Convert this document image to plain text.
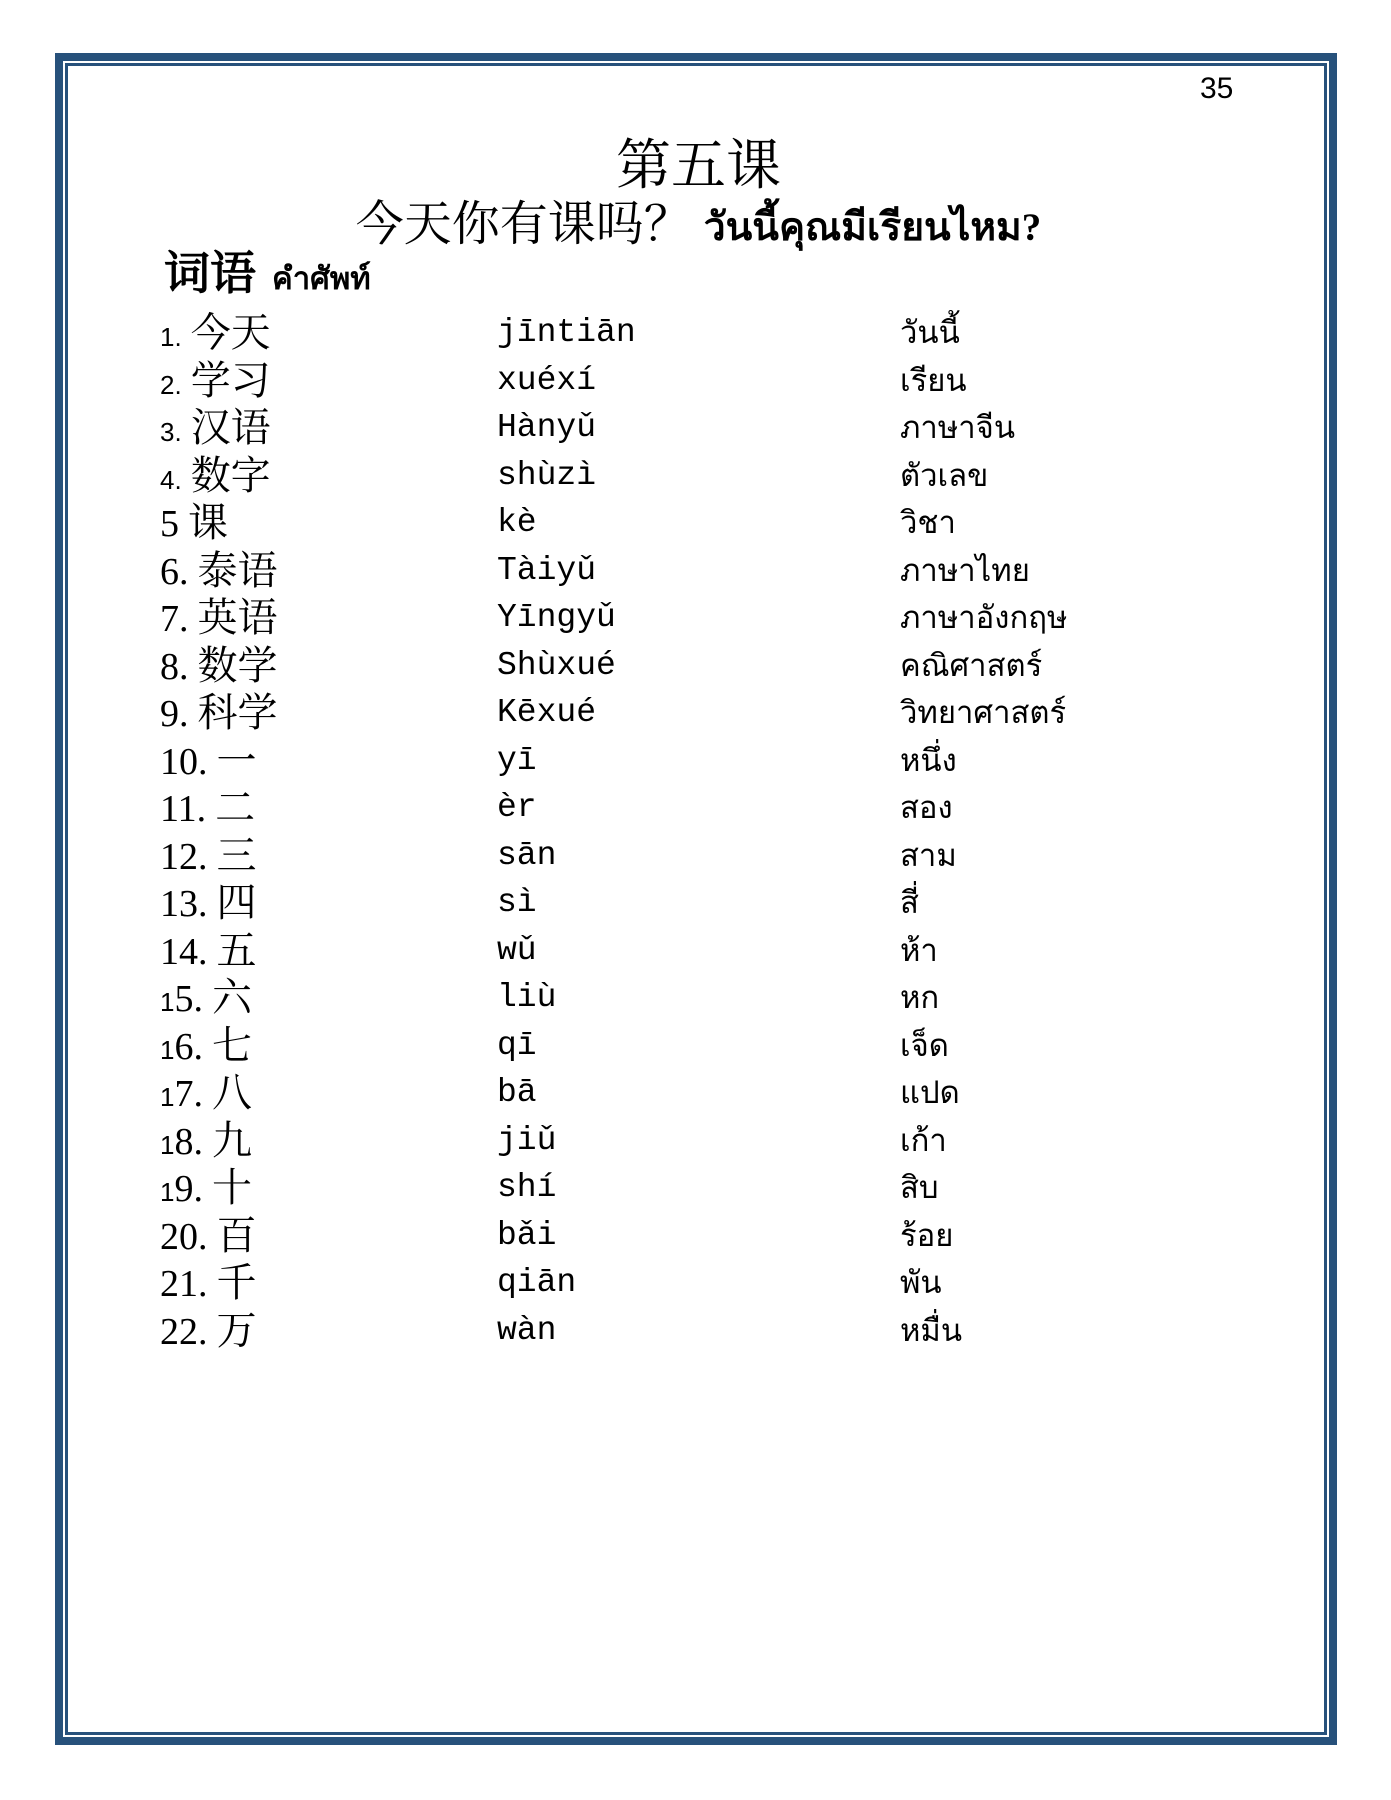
35
第五课
今天你有课吗？ วันนี้คุณมีเรียนไหม?
词语 คำศัพท์
1. 今天	jīntiān	วันนี้
2. 学习	xuéxí	เรียน
3. 汉语	Hànyǔ	ภาษาจีน
4. 数字	shùzì	ตัวเลข
5 课	kè	วิชา
6. 泰语	Tàiyǔ	ภาษาไทย
7. 英语	Yīngyǔ	ภาษาอังกฤษ
8. 数学	Shùxué	คณิศาสตร์
9. 科学	Kēxué	วิทยาศาสตร์
10. 一	yī	หนึ่ง
11. 二	èr	สอง
12. 三	sān	สาม
13. 四	sì	สี่
14. 五	wǔ	ห้า
15. 六	liù	หก
16. 七	qī	เจ็ด
17. 八	bā	แปด
18. 九	jiǔ	เก้า
19. 十	shí	สิบ
20. 百	bǎi	ร้อย
21. 千	qiān	พัน
22. 万	wàn	หมื่น
